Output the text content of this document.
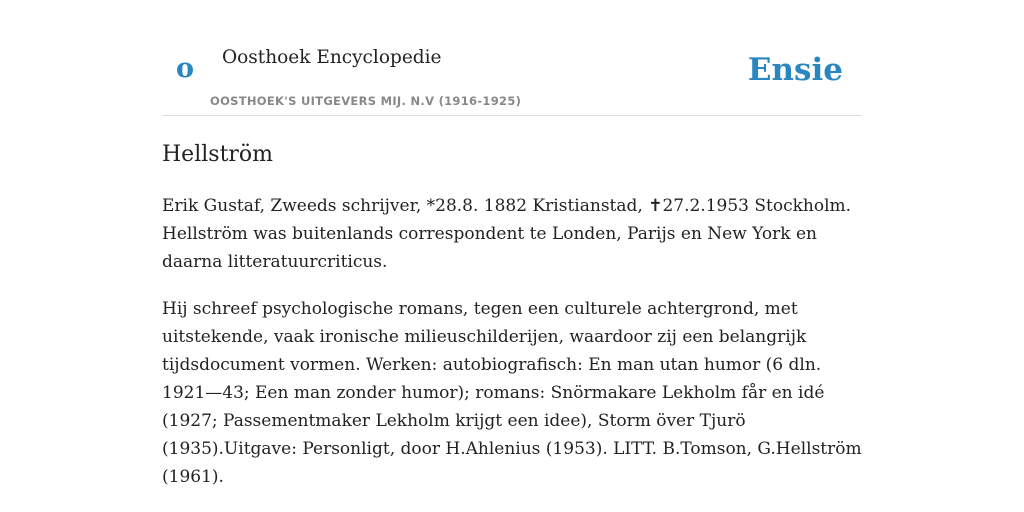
o Oosthoek Encyclopedie
OOSTHOEK'S UITGEVERS MIJ. N.V (1916-1925)
Ensie
Hellström

Erik Gustaf, Zweeds schrijver, *28.8. 1882 Kristianstad, ✝27.2.1953 Stockholm. Hellström was buitenlands correspondent te Londen, Parijs en New York en daarna litteratuurcriticus.

Hij schreef psychologische romans, tegen een culturele achtergrond, met uitstekende, vaak ironische milieuschilderijen, waardoor zij een belangrijk tijdsdocument vormen. Werken: autobiografisch: En man utan humor (6 dln. 1921—43; Een man zonder humor); romans: Snörmakare Lekholm får en idé (1927; Passementmaker Lekholm krijgt een idee), Storm över Tjurö (1935).Uitgave: Personligt, door H.Ahlenius (1953). LITT. B.Tomson, G.Hellström (1961).
